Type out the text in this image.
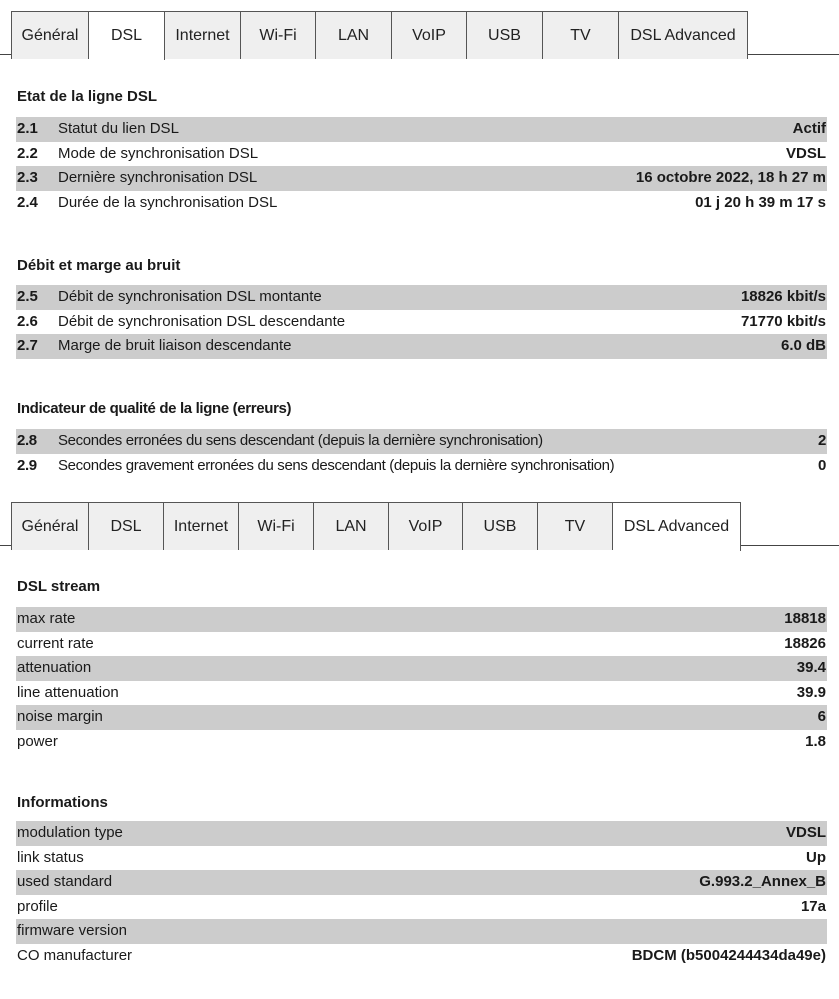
Général	DSL	Internet	Wi-Fi	LAN	VoIP	USB	TV	DSL Advanced
Etat de la ligne DSL
2.1 Statut du lien DSL	Actif
2.2 Mode de synchronisation DSL	VDSL
2.3 Dernière synchronisation DSL	16 octobre 2022, 18 h 27 m
2.4 Durée de la synchronisation DSL	01 j 20 h 39 m 17 s
Débit et marge au bruit
2.5 Débit de synchronisation DSL montante	18826 kbit/s
2.6 Débit de synchronisation DSL descendante	71770 kbit/s
2.7 Marge de bruit liaison descendante	6.0 dB
Indicateur de qualité de la ligne (erreurs)
2.8 Secondes erronées du sens descendant (depuis la dernière synchronisation)	2
2.9 Secondes gravement erronées du sens descendant (depuis la dernière synchronisation)	0
Général	DSL	Internet	Wi-Fi	LAN	VoIP	USB	TV	DSL Advanced
DSL stream
max rate	18818
current rate	18826
attenuation	39.4
line attenuation	39.9
noise margin	6
power	1.8
Informations
modulation type	VDSL
link status	Up
used standard	G.993.2_Annex_B
profile	17a
firmware version
CO manufacturer	BDCM (b5004244434da49e)
